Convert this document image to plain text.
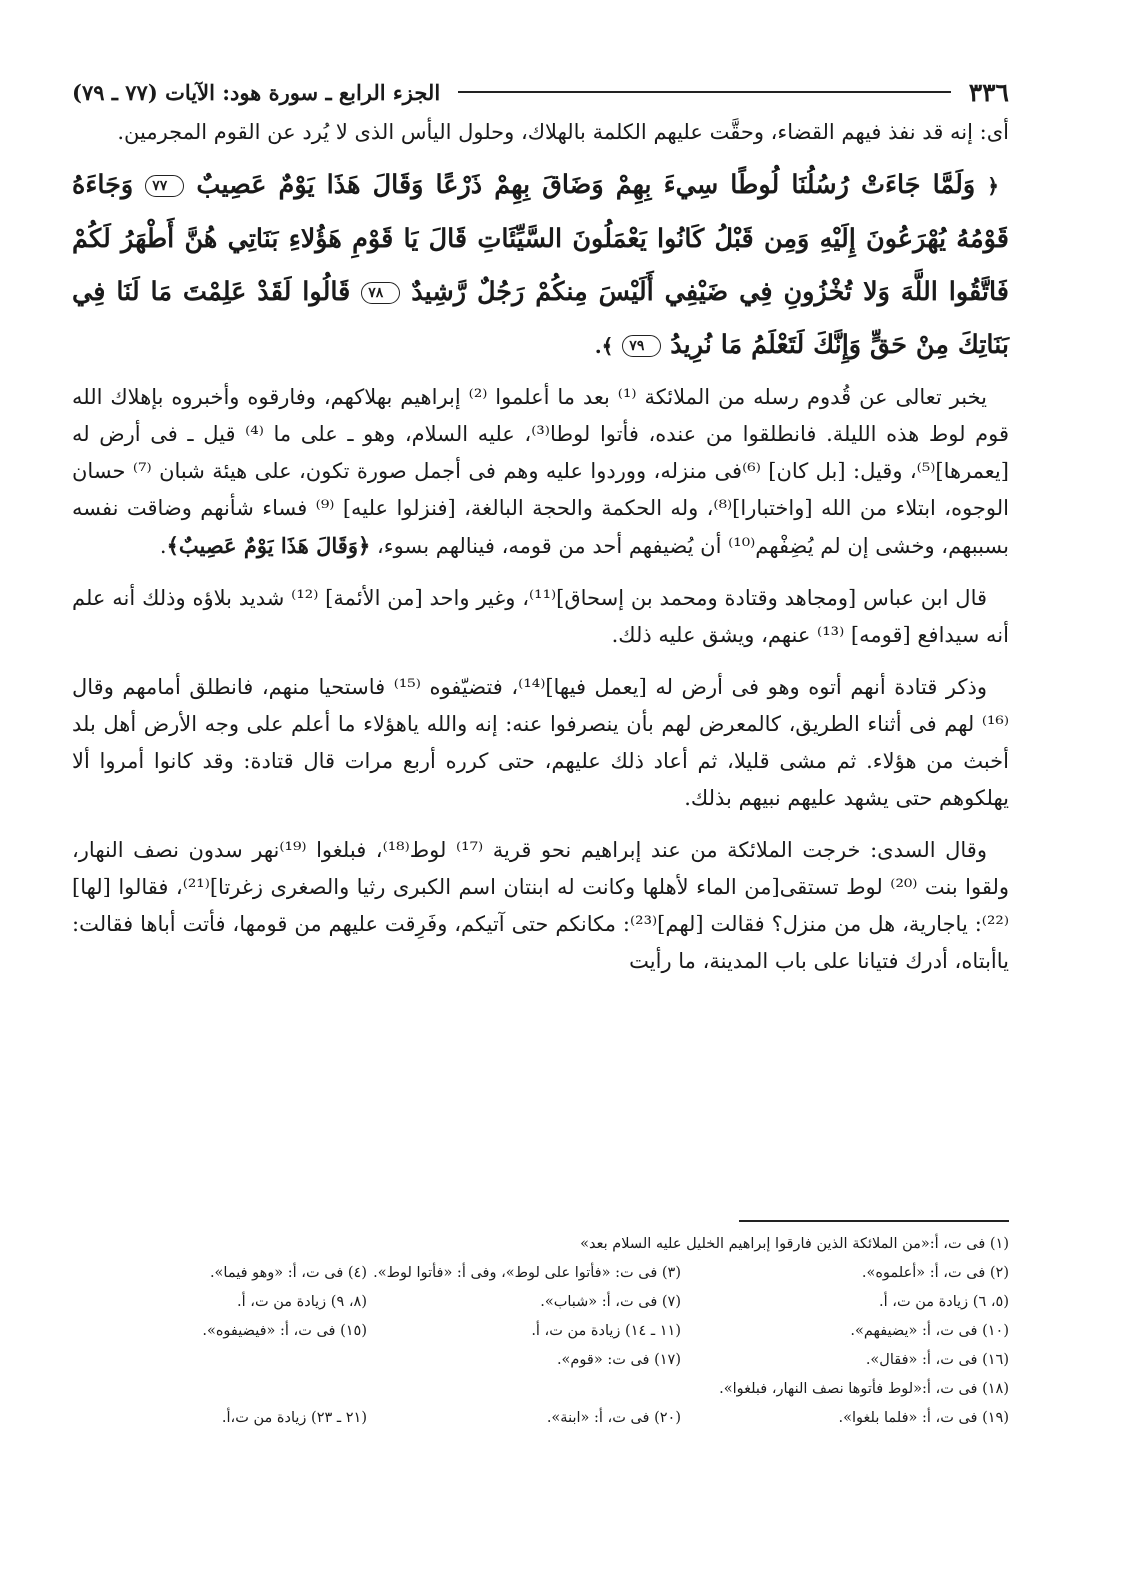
٣٣٦
الجزء الرابع ـ سورة هود: الآيات (٧٧ ـ ٧٩)

أى: إنه قد نفذ فيهم القضاء، وحقَّت عليهم الكلمة بالهلاك، وحلول اليأس الذى لا يُرد عن القوم المجرمين.

﴿ وَلَمَّا جَاءَتْ رُسُلُنَا لُوطًا سِيءَ بِهِمْ وَضَاقَ بِهِمْ ذَرْعًا وَقَالَ هَذَا يَوْمٌ عَصِيبٌ ٧٧ وَجَاءَهُ قَوْمُهُ يُهْرَعُونَ إِلَيْهِ وَمِن قَبْلُ كَانُوا يَعْمَلُونَ السَّيِّئَاتِ قَالَ يَا قَوْمِ هَؤُلاءِ بَنَاتِي هُنَّ أَطْهَرُ لَكُمْ فَاتَّقُوا اللَّهَ وَلا تُخْزُونِ فِي ضَيْفِي أَلَيْسَ مِنكُمْ رَجُلٌ رَّشِيدٌ ٧٨ قَالُوا لَقَدْ عَلِمْتَ مَا لَنَا فِي بَنَاتِكَ مِنْ حَقٍّ وَإِنَّكَ لَتَعْلَمُ مَا نُرِيدُ ٧٩ ﴾.

يخبر تعالى عن قُدوم رسله من الملائكة ⁽¹⁾ بعد ما أعلموا ⁽²⁾ إبراهيم بهلاكهم، وفارقوه وأخبروه بإهلاك الله قوم لوط هذه الليلة. فانطلقوا من عنده، فأتوا لوطا⁽³⁾، عليه السلام، وهو ـ على ما ⁽⁴⁾ قيل ـ فى أرض له [يعمرها]⁽⁵⁾، وقيل: [بل كان] ⁽⁶⁾فى منزله، ووردوا عليه وهم فى أجمل صورة تكون، على هيئة شبان ⁽⁷⁾ حسان الوجوه، ابتلاء من الله [واختبارا]⁽⁸⁾، وله الحكمة والحجة البالغة، [فنزلوا عليه] ⁽⁹⁾ فساء شأنهم وضاقت نفسه بسببهم، وخشى إن لم يُضِفْهم⁽¹⁰⁾ أن يُضيفهم أحد من قومه، فينالهم بسوء، ﴿وَقَالَ هَذَا يَوْمٌ عَصِيبٌ﴾.

قال ابن عباس [ومجاهد وقتادة ومحمد بن إسحاق]⁽¹¹⁾، وغير واحد [من الأئمة] ⁽¹²⁾ شديد بلاؤه وذلك أنه علم أنه سيدافع [قومه] ⁽¹³⁾ عنهم، ويشق عليه ذلك.

وذكر قتادة أنهم أتوه وهو فى أرض له [يعمل فيها]⁽¹⁴⁾، فتضيّفوه ⁽¹⁵⁾ فاستحيا منهم، فانطلق أمامهم وقال ⁽¹⁶⁾ لهم فى أثناء الطريق، كالمعرض لهم بأن ينصرفوا عنه: إنه والله ياهؤلاء ما أعلم على وجه الأرض أهل بلد أخبث من هؤلاء. ثم مشى قليلا، ثم أعاد ذلك عليهم، حتى كرره أربع مرات قال قتادة: وقد كانوا أمروا ألا يهلكوهم حتى يشهد عليهم نبيهم بذلك.

وقال السدى: خرجت الملائكة من عند إبراهيم نحو قرية ⁽¹⁷⁾ لوط⁽¹⁸⁾، فبلغوا ⁽¹⁹⁾نهر سدون نصف النهار، ولقوا بنت ⁽²⁰⁾ لوط تستقى[من الماء لأهلها وكانت له ابنتان اسم الكبرى رثيا والصغرى زغرتا]⁽²¹⁾، فقالوا [لها]⁽²²⁾: ياجارية، هل من منزل؟ فقالت [لهم]⁽²³⁾: مكانكم حتى آتيكم، وفَرِقت عليهم من قومها، فأتت أباها فقالت: ياأبتاه، أدرك فتيانا على باب المدينة، ما رأيت

(١) فى ت، أ:«من الملائكة الذين فارقوا إبراهيم الخليل عليه السلام بعد»
(٢) فى ت، أ: «أعلموه».
(٣) فى ت: «فأتوا على لوط»، وفى أ: «فأتوا لوط».
(٤) فى ت، أ: «وهو فيما».
(٥، ٦) زيادة من ت، أ.
(٧) فى ت، أ: «شباب».
(٨، ٩) زيادة من ت، أ.
(١٠) فى ت، أ: «يضيفهم».
(١١ ـ ١٤) زيادة من ت، أ.
(١٥) فى ت، أ: «فيضيفوه».
(١٦) فى ت، أ: «فقال».
(١٧) فى ت: «قوم».
(١٨) فى ت، أ:«لوط فأتوها نصف النهار، فبلغوا».
(١٩) فى ت، أ: «فلما بلغوا».
(٢٠) فى ت، أ: «ابنة».
(٢١ ـ ٢٣) زيادة من ت،أ.
